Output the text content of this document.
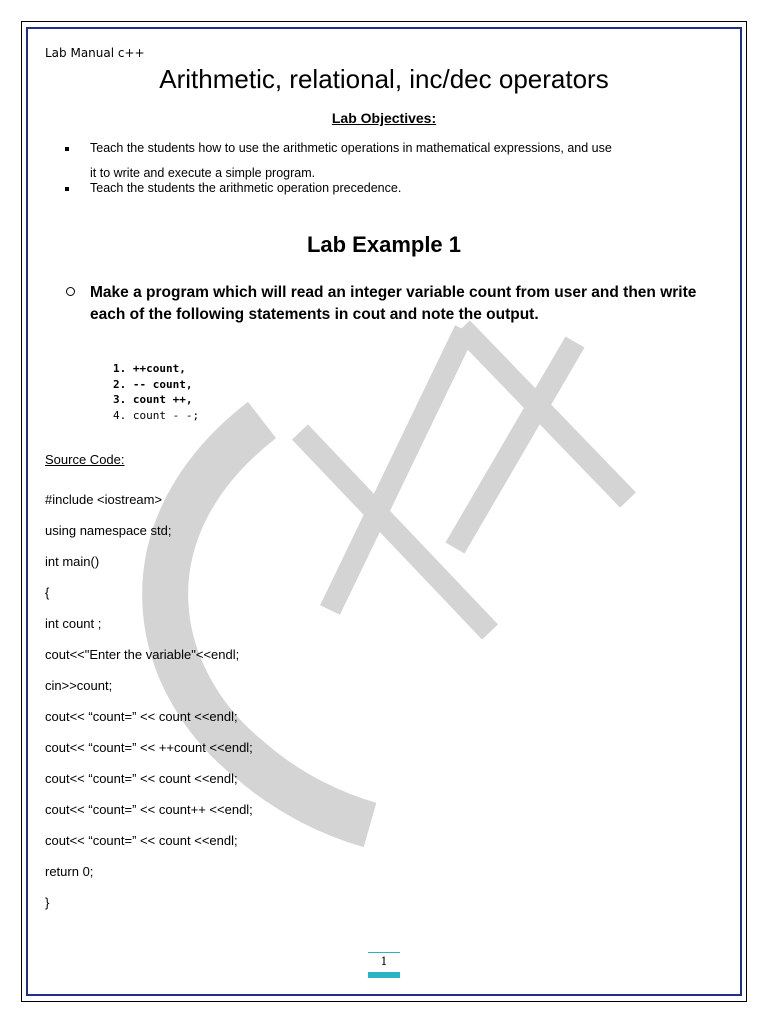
Lab Manual c++
Arithmetic, relational, inc/dec operators
Lab Objectives:
Teach the students how to use the arithmetic operations in mathematical expressions, and use
it to write and execute a simple program.
Teach the students the arithmetic operation precedence.
Lab Example 1
Make a program which will read an integer variable count from user and then write each of the following statements in cout and note the output.
1. ++count,
2. -- count,
3. count ++,
4. count - -;
Source Code:
#include <iostream>
using namespace std;
int main()
{
int count ;
cout<<"Enter the variable"<<endl;
cin>>count;
cout<< “count=” << count <<endl;
cout<< “count=” << ++count <<endl;
cout<< “count=” << count <<endl;
cout<< “count=” << count++ <<endl;
cout<< “count=” << count <<endl;
return 0;
}
1
